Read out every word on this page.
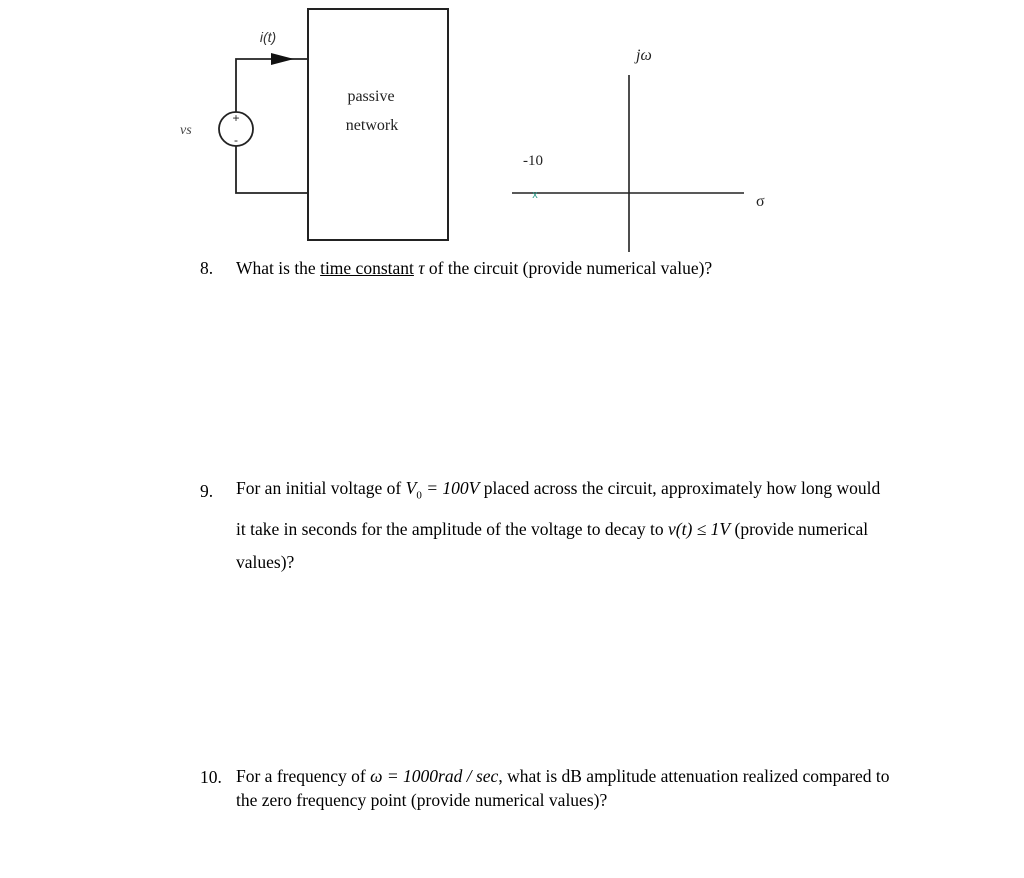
passive
network
i(t)
+
-
vs
jω
σ
-10
x
8. What is the time constant τ of the circuit (provide numerical value)?
9. For an initial voltage of $V_0 = 100V$ placed across the circuit, approximately how long would
it take in seconds for the amplitude of the voltage to decay to v(t) ≤ 1V (provide numerical
values)?
10. For a frequency of ω = 1000rad / sec, what is dB amplitude attenuation realized compared to
the zero frequency point (provide numerical values)?
